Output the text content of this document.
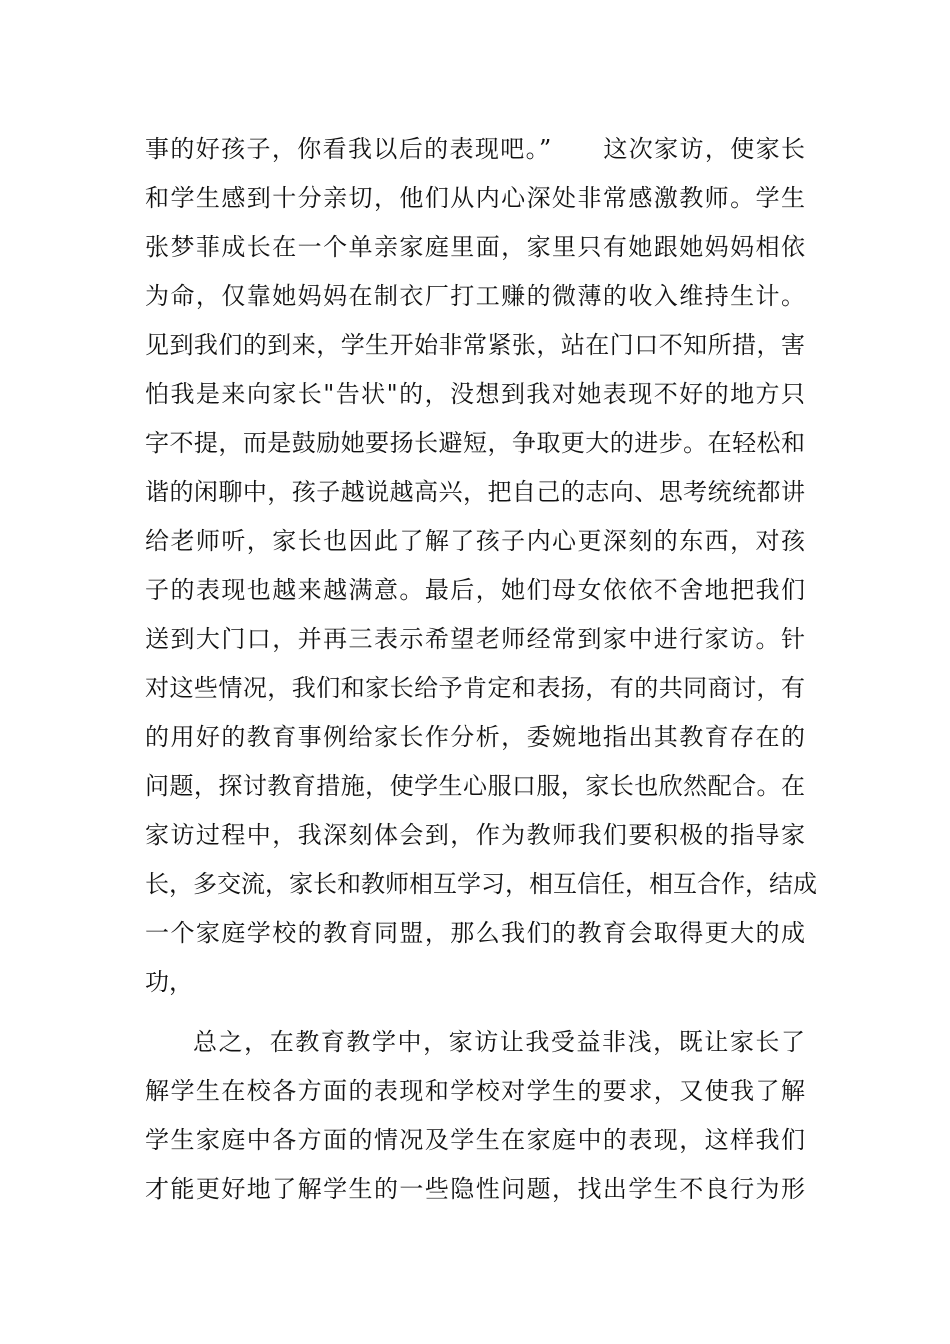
事的好孩子，你看我以后的表现吧。”　　这次家访，使家长
和学生感到十分亲切，他们从内心深处非常感激教师。学生
张梦菲成长在一个单亲家庭里面，家里只有她跟她妈妈相依
为命，仅靠她妈妈在制衣厂打工赚的微薄的收入维持生计。
见到我们的到来，学生开始非常紧张，站在门口不知所措，害
怕我是来向家长"告状"的，没想到我对她表现不好的地方只
字不提，而是鼓励她要扬长避短，争取更大的进步。在轻松和
谐的闲聊中，孩子越说越高兴，把自己的志向、思考统统都讲
给老师听，家长也因此了解了孩子内心更深刻的东西，对孩
子的表现也越来越满意。最后，她们母女依依不舍地把我们
送到大门口，并再三表示希望老师经常到家中进行家访。针
对这些情况，我们和家长给予肯定和表扬，有的共同商讨，有
的用好的教育事例给家长作分析，委婉地指出其教育存在的
问题，探讨教育措施，使学生心服口服，家长也欣然配合。在
家访过程中，我深刻体会到，作为教师我们要积极的指导家
长，多交流，家长和教师相互学习，相互信任，相互合作，结成
一个家庭学校的教育同盟，那么我们的教育会取得更大的成
功，
总之，在教育教学中，家访让我受益非浅，既让家长了
解学生在校各方面的表现和学校对学生的要求，又使我了解
学生家庭中各方面的情况及学生在家庭中的表现，这样我们
才能更好地了解学生的一些隐性问题，找出学生不良行为形
